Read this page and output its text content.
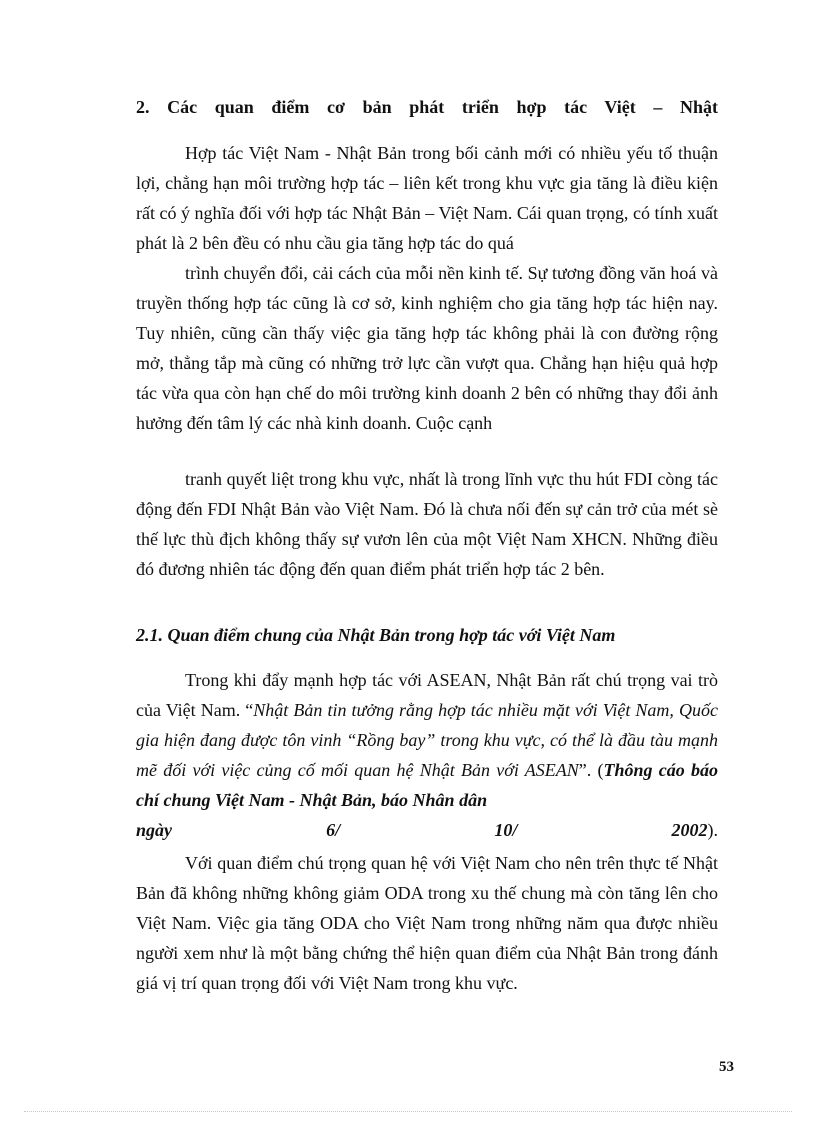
2. Các quan điểm cơ bản phát triển hợp tác Việt – Nhật

Hợp tác Việt Nam - Nhật Bản trong bối cảnh mới có nhiều yếu tố thuận lợi, chẳng hạn môi trường hợp tác – liên kết trong khu vực gia tăng là điều kiện rất có ý nghĩa đối với hợp tác Nhật Bản – Việt Nam. Cái quan trọng, có tính xuất phát là 2 bên đều có nhu cầu gia tăng hợp tác do quá

trình chuyển đổi, cải cách của mỗi nền kinh tế. Sự tương đồng văn hoá và truyền thống hợp tác cũng là cơ sở, kinh nghiệm cho gia tăng hợp tác hiện nay. Tuy nhiên, cũng cần thấy việc gia tăng hợp tác không phải là con đường rộng mở, thẳng tắp mà cũng có những trở lực cần vượt qua. Chẳng hạn hiệu quả hợp tác vừa qua còn hạn chế do môi trường kinh doanh 2 bên có những thay đổi ảnh hưởng đến tâm lý các nhà kinh doanh. Cuộc cạnh

tranh quyết liệt trong khu vực, nhất là trong lĩnh vực thu hút FDI còng tác động đến FDI Nhật Bản vào Việt Nam. Đó là chưa nối đến sự cản trở của mét sè thế lực thù địch không thấy sự vươn lên của một Việt Nam XHCN. Những điều đó đương nhiên tác động đến quan điểm phát triển hợp tác 2 bên.

2.1. Quan điểm chung của Nhật Bản trong hợp tác với Việt Nam

Trong khi đẩy mạnh hợp tác với ASEAN, Nhật Bản rất chú trọng vai trò của Việt Nam. “Nhật Bản tin tưởng rằng hợp tác nhiều mặt với Việt Nam, Quốc gia hiện đang được tôn vinh “Rồng bay” trong khu vực, có thể là đầu tàu mạnh mẽ đối với việc củng cố mối quan hệ Nhật Bản với ASEAN”. (Thông cáo báo chí chung Việt Nam - Nhật Bản, báo Nhân dân

ngày	6/	10/	2002).

Với quan điểm chú trọng quan hệ với Việt Nam cho nên trên thực tế Nhật Bản đã không những không giảm ODA trong xu thế chung mà còn tăng lên cho Việt Nam. Việc gia tăng ODA cho Việt Nam trong những năm qua được nhiều người xem như là một bằng chứng thể hiện quan điểm của Nhật Bản trong đánh giá vị trí quan trọng đối với Việt Nam trong khu vực.

53
